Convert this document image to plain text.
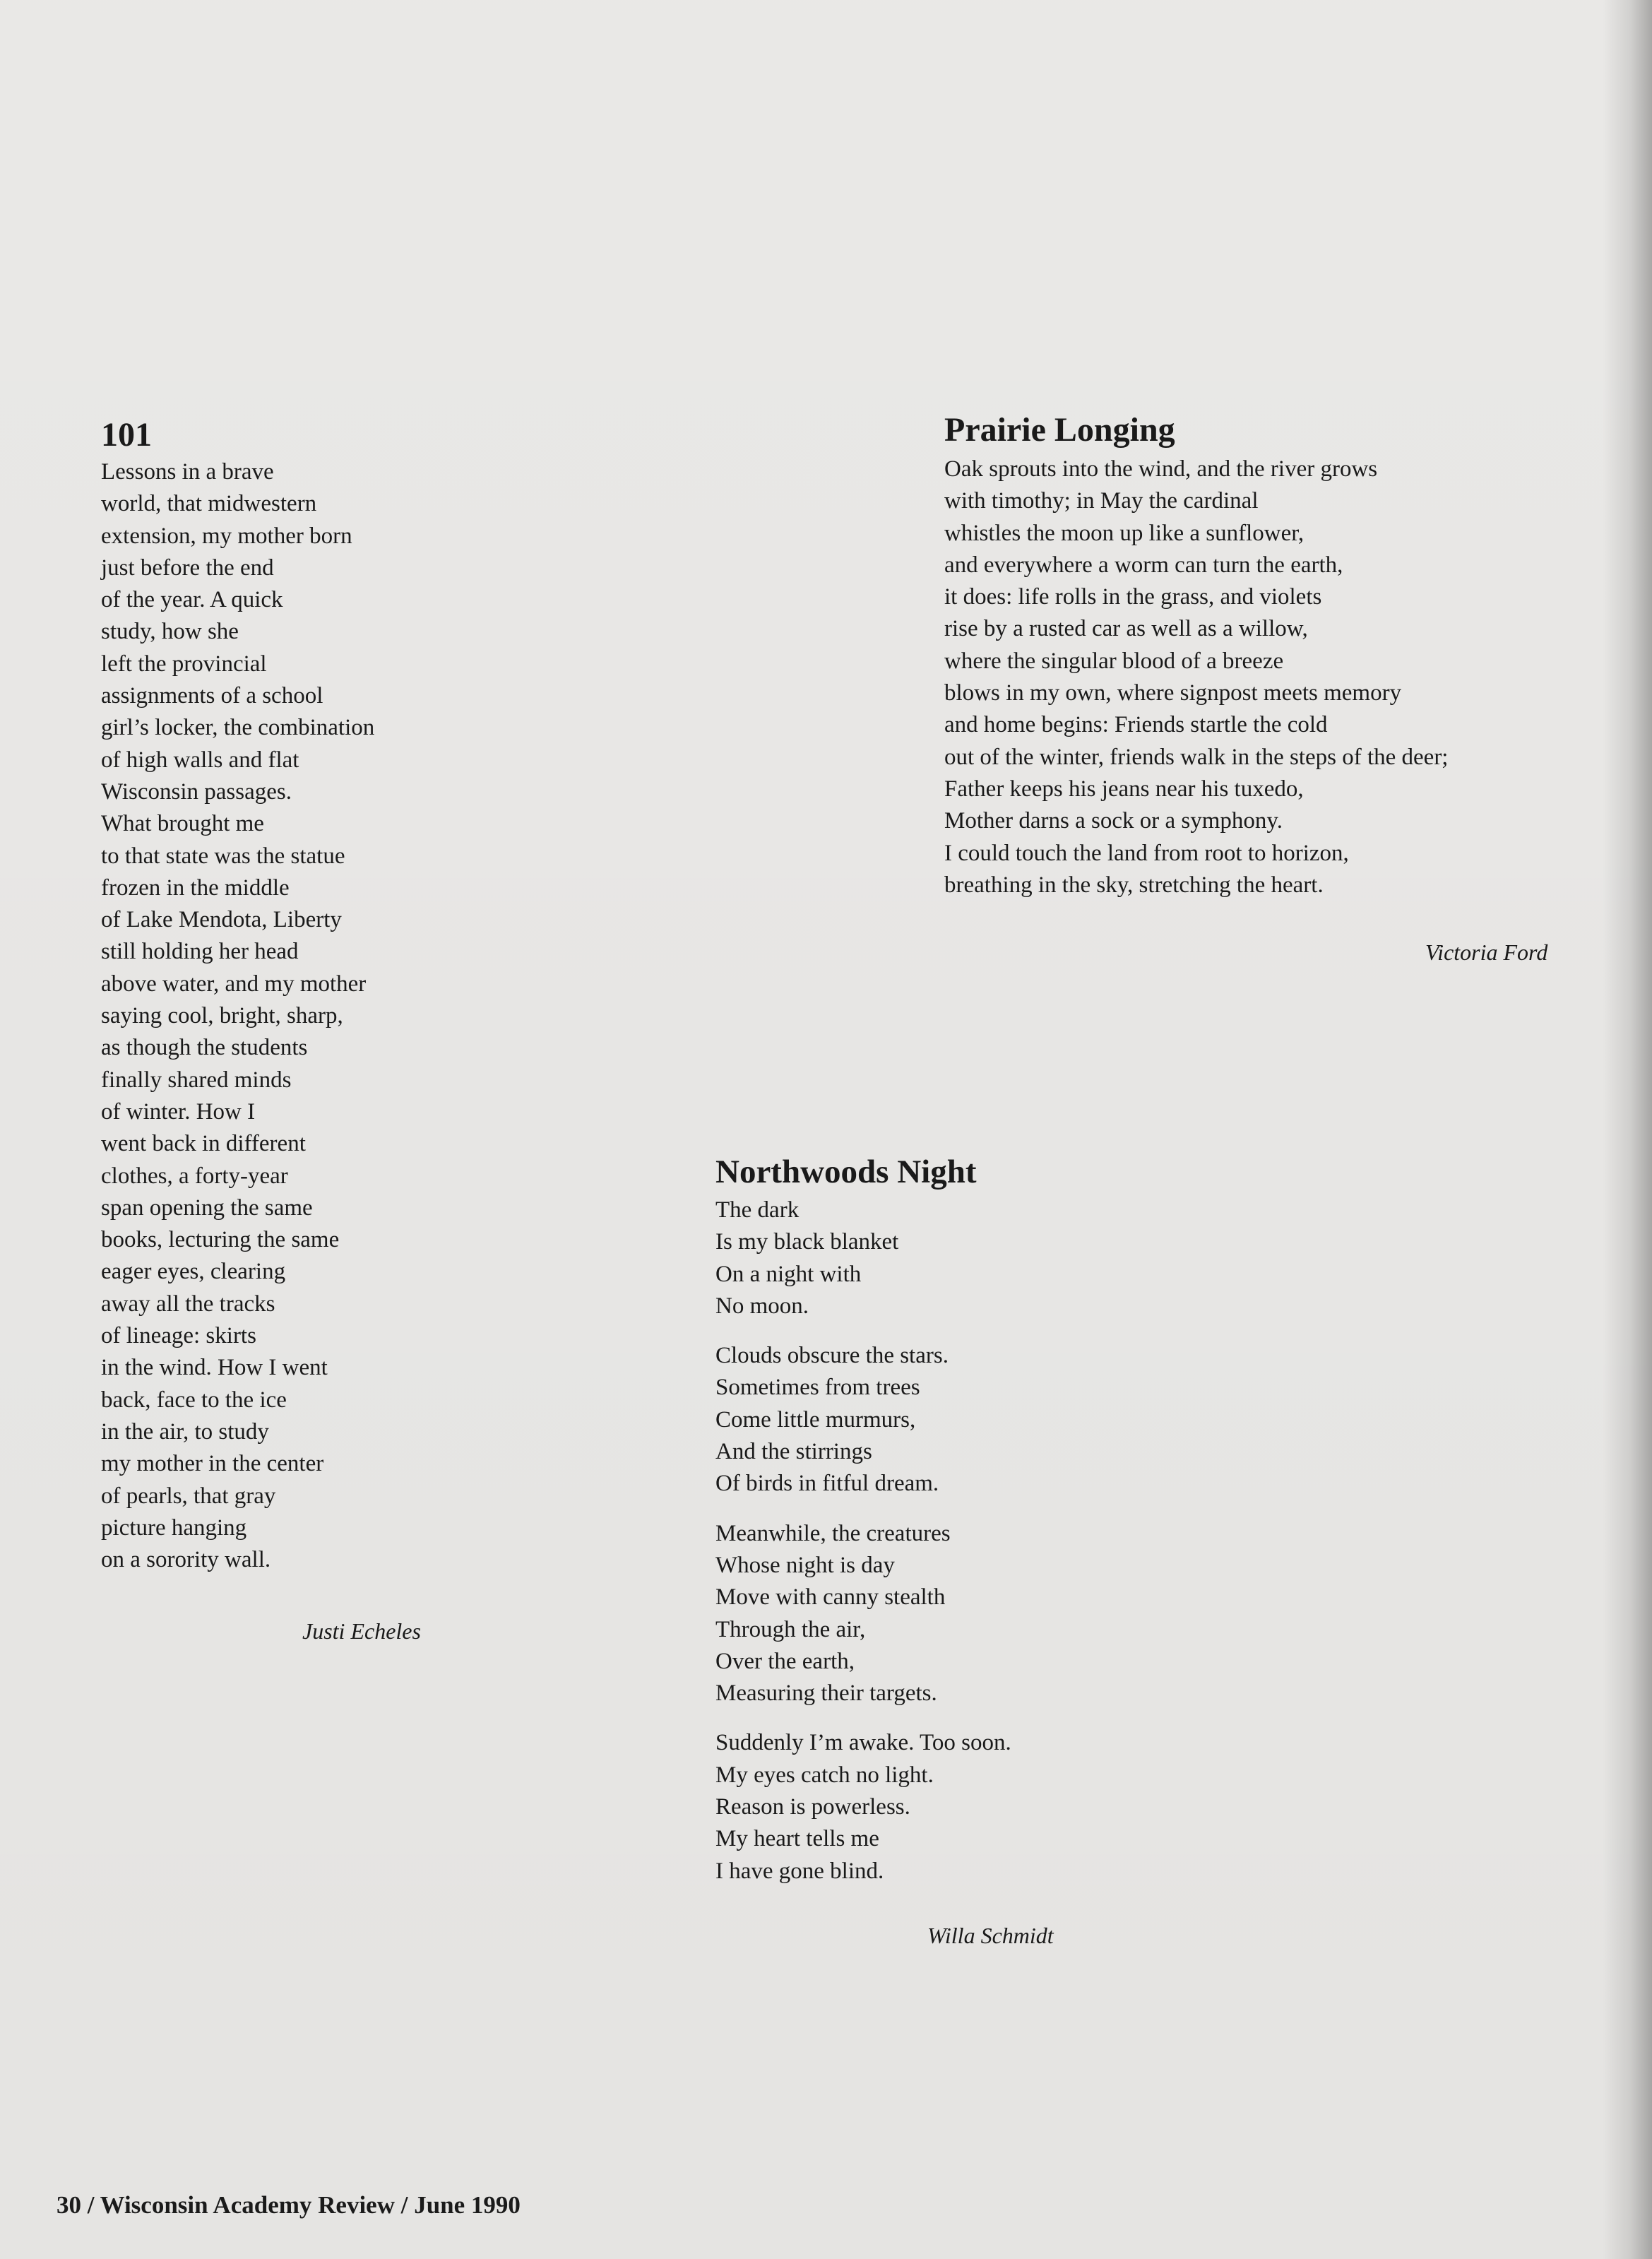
101
Lessons in a brave
world, that midwestern
extension, my mother born
just before the end
of the year. A quick
study, how she
left the provincial
assignments of a school
girl’s locker, the combination
of high walls and flat
Wisconsin passages.
What brought me
to that state was the statue
frozen in the middle
of Lake Mendota, Liberty
still holding her head
above water, and my mother
saying cool, bright, sharp,
as though the students
finally shared minds
of winter. How I
went back in different
clothes, a forty-year
span opening the same
books, lecturing the same
eager eyes, clearing
away all the tracks
of lineage: skirts
in the wind. How I went
back, face to the ice
in the air, to study
my mother in the center
of pearls, that gray
picture hanging
on a sorority wall.
Justi Echeles
Prairie Longing
Oak sprouts into the wind, and the river grows
with timothy; in May the cardinal
whistles the moon up like a sunflower,
and everywhere a worm can turn the earth,
it does: life rolls in the grass, and violets
rise by a rusted car as well as a willow,
where the singular blood of a breeze
blows in my own, where signpost meets memory
and home begins: Friends startle the cold
out of the winter, friends walk in the steps of the deer;
Father keeps his jeans near his tuxedo,
Mother darns a sock or a symphony.
I could touch the land from root to horizon,
breathing in the sky, stretching the heart.
Victoria Ford
Northwoods Night
The dark
Is my black blanket
On a night with
No moon.
Clouds obscure the stars.
Sometimes from trees
Come little murmurs,
And the stirrings
Of birds in fitful dream.
Meanwhile, the creatures
Whose night is day
Move with canny stealth
Through the air,
Over the earth,
Measuring their targets.
Suddenly I’m awake. Too soon.
My eyes catch no light.
Reason is powerless.
My heart tells me
I have gone blind.
Willa Schmidt
30 / Wisconsin Academy Review / June 1990
